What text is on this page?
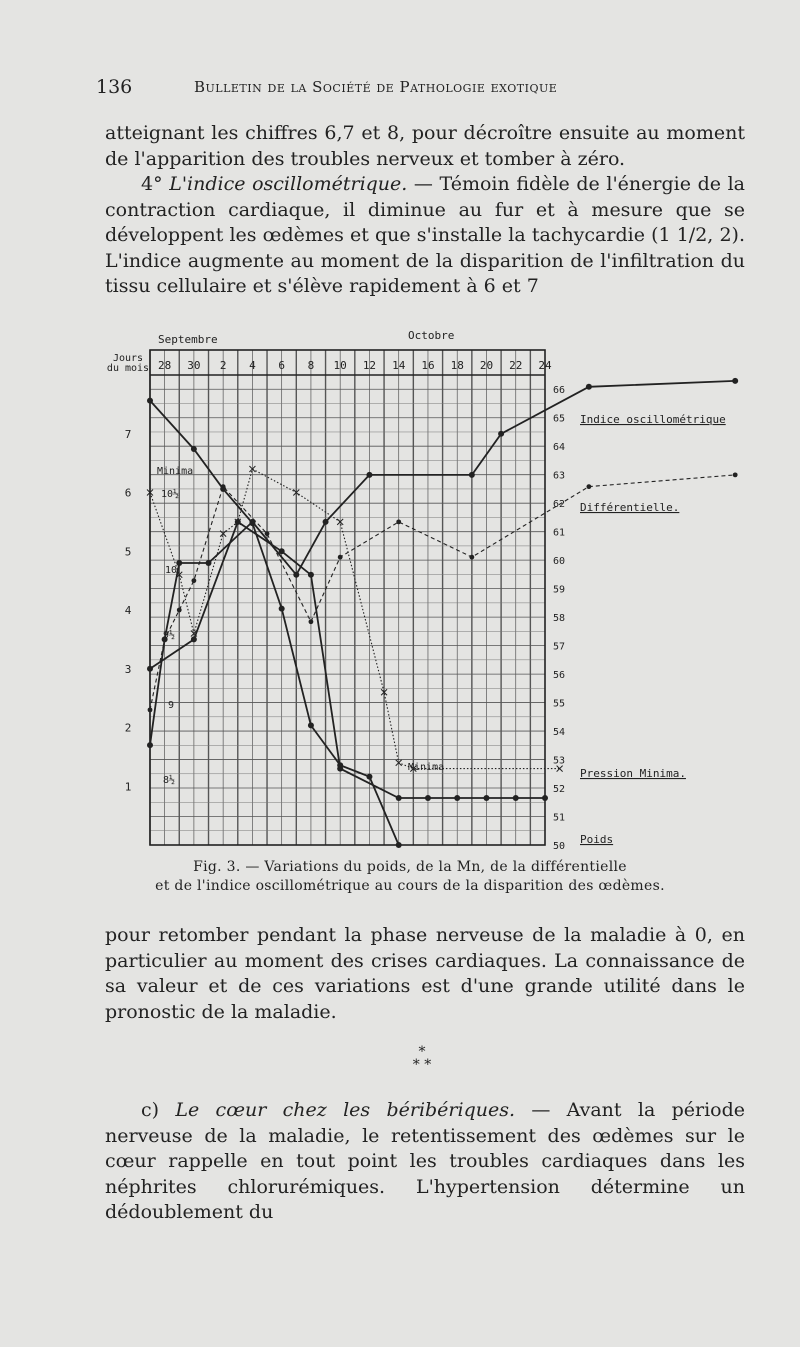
136	Bulletin de la Société de Pathologie exotique

atteignant les chiffres 6,7 et 8, pour décroître ensuite au moment de l'apparition des troubles nerveux et tomber à zéro.

4° L'indice oscillométrique. — Témoin fidèle de l'énergie de la contraction cardiaque, il diminue au fur et à mesure que se développent les œdèmes et que s'installe la tachycardie (1 1/2, 2). L'indice augmente au moment de la disparition de l'infiltration du tissu cellulaire et s'élève rapidement à 6 et 7

Septembre	Octobre
Jours
du mois 28 30 2 4 6 8 10 12 14 16 18 20 22 24
7
6
5
4
3
2
1
66
65
64
63
62
61
60
59
58
57
56
55
54
53
52
51
50
Minima
10½
10
9½
9
8½
Minima
Indice oscillométrique
Différentielle.
Pression Minima.
Poids
Fig. 3. — Variations du poids, de la Mn, de la différentielle
et de l'indice oscillométrique au cours de la disparition des œdèmes.

pour retomber pendant la phase nerveuse de la maladie à 0, en particulier au moment des crises cardiaques. La connaissance de sa valeur et de ces variations est d'une grande utilité dans le pronostic de la maladie.

*
* *

c) Le cœur chez les béribériques. — Avant la période nerveuse de la maladie, le retentissement des œdèmes sur le cœur rappelle en tout point les troubles cardiaques dans les néphrites chlorurémiques. L'hypertension détermine un dédoublement du
